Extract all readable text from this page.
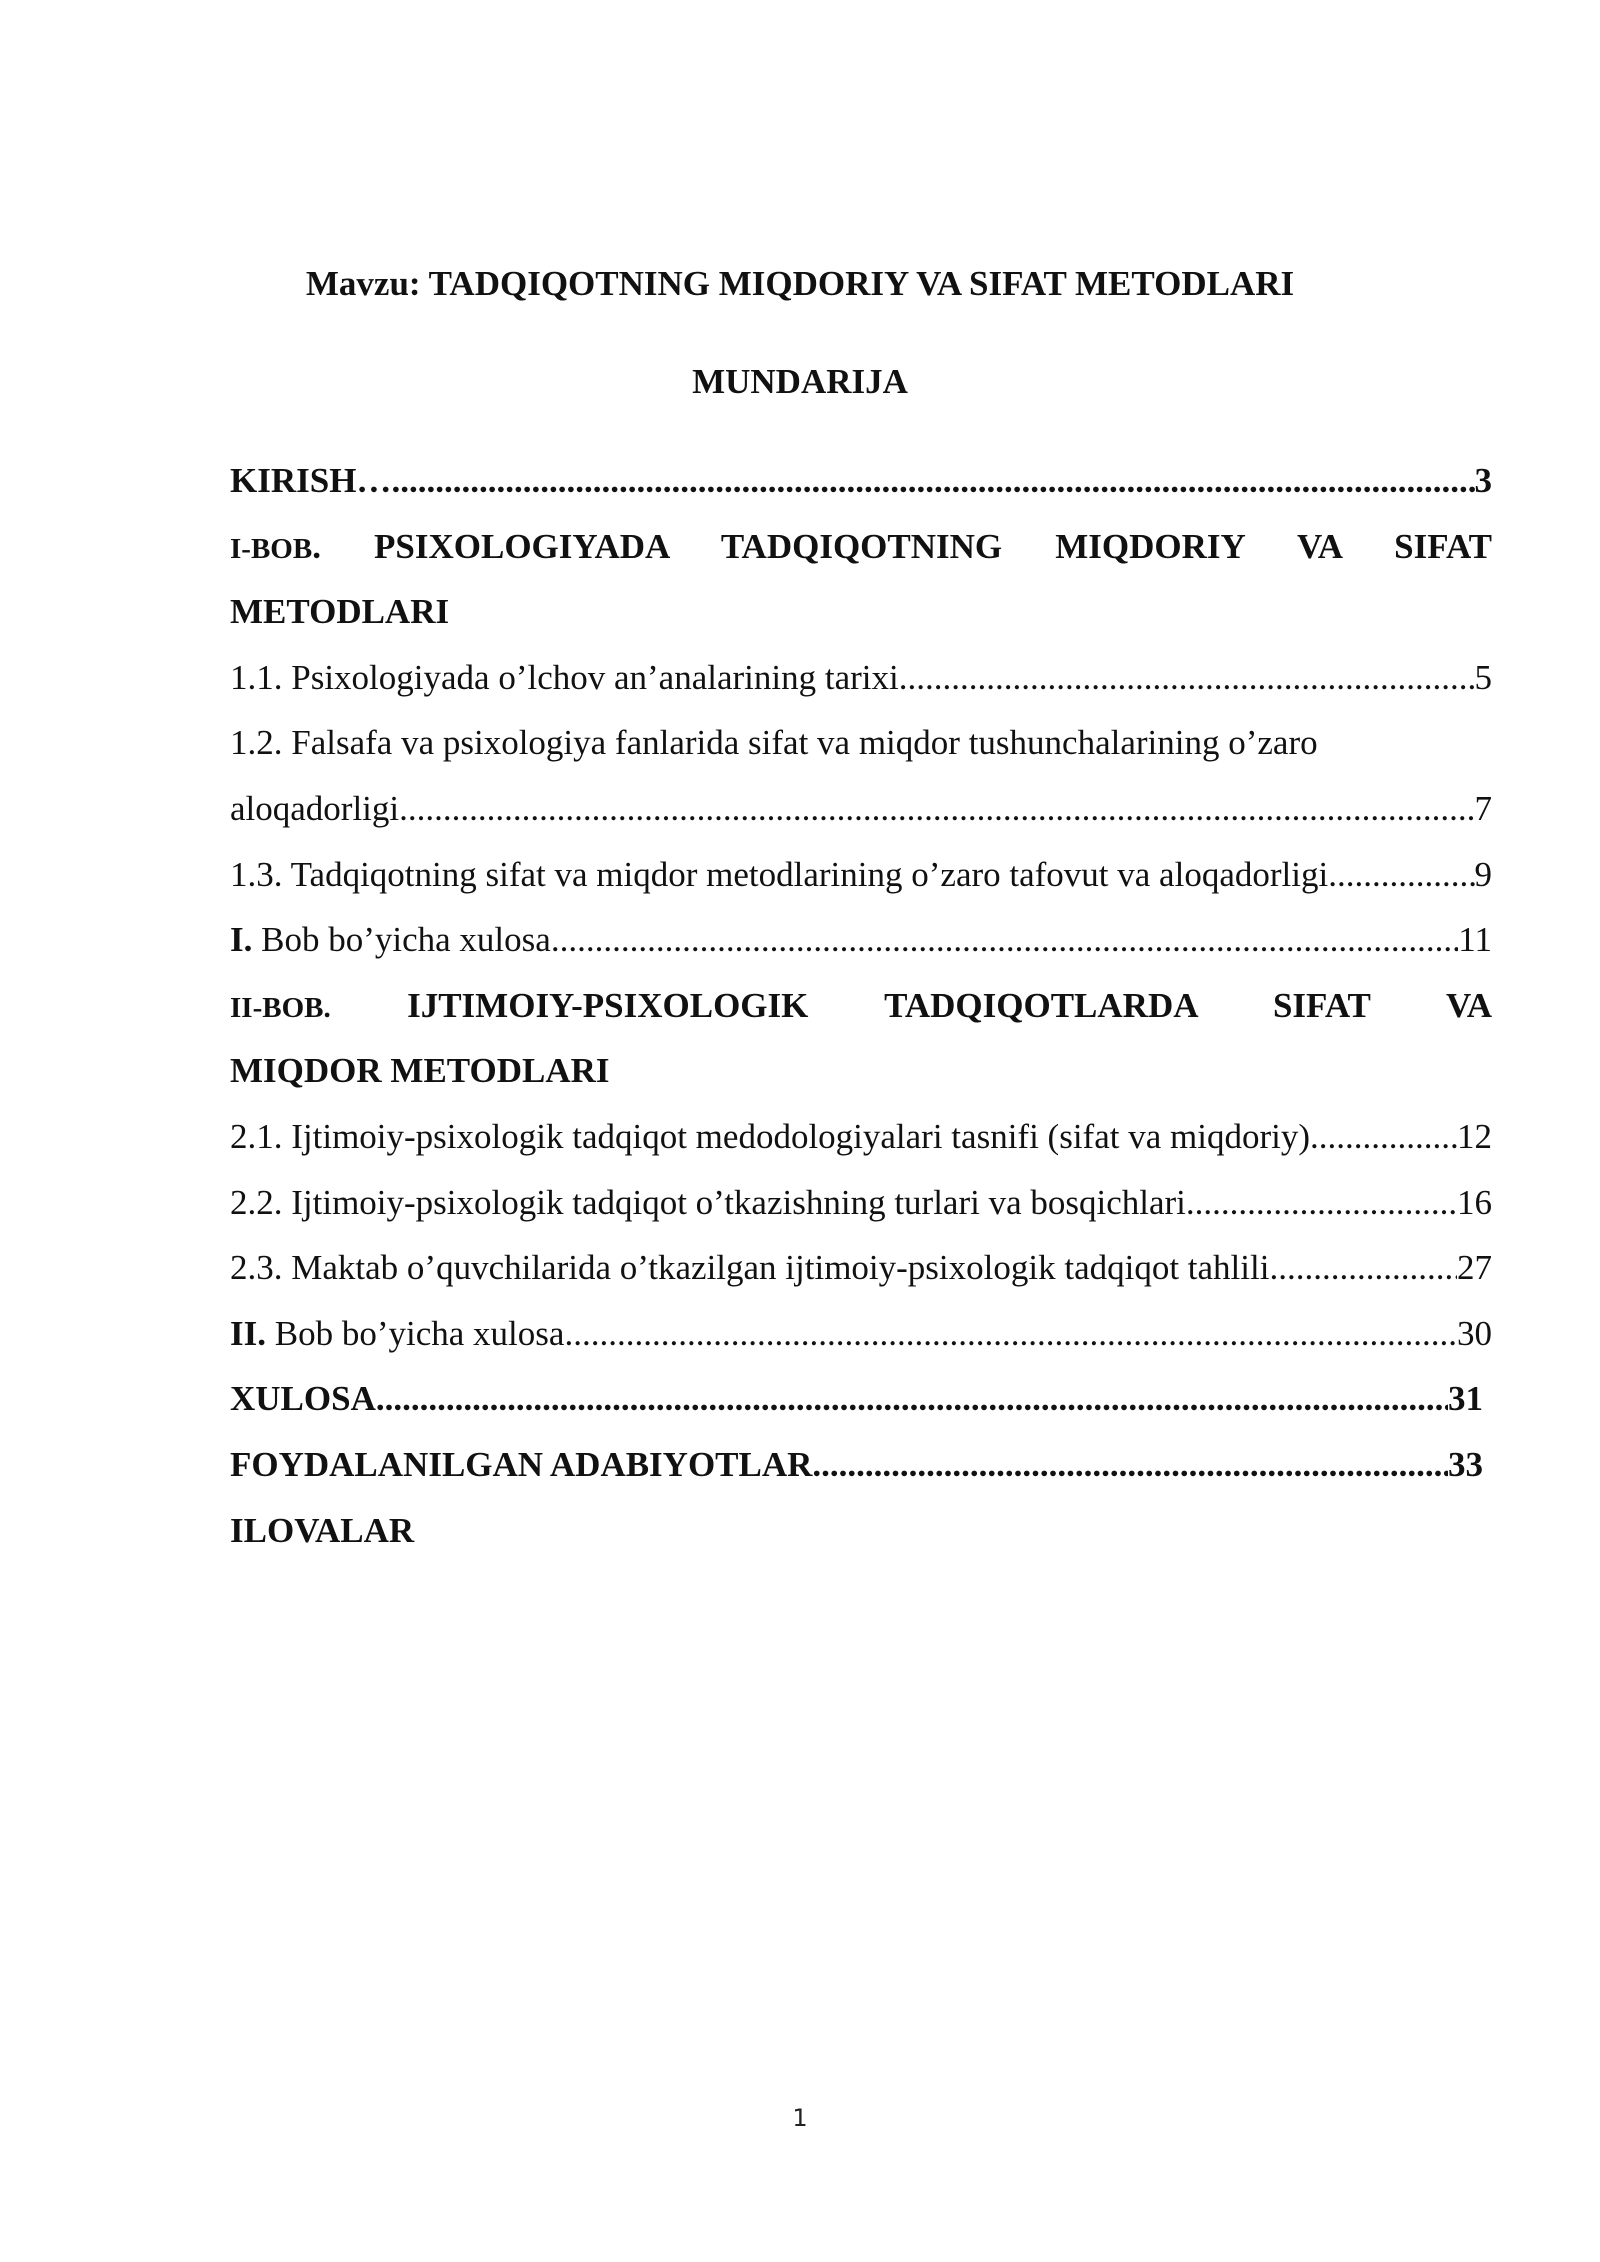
Mavzu: TADQIQOTNING MIQDORIY VA SIFAT METODLARI

MUNDARIJA

KIRISH… .....	3
I-BOB. PSIXOLOGIYADA TADQIQOTNING MIQDORIY VA SIFAT
METODLARI
1.1. Psixologiyada o’lchov an’analarining tarixi .....	5
1.2. Falsafa va psixologiya fanlarida sifat va miqdor tushunchalarining o’zaro
aloqadorligi .....	7
1.3. Tadqiqotning sifat va miqdor metodlarining o’zaro tafovut va aloqadorligi .....	9
I. Bob bo’yicha xulosa .....	11
II-BOB. IJTIMOIY-PSIXOLOGIK TADQIQOTLARDA SIFAT VA
MIQDOR METODLARI
2.1. Ijtimoiy-psixologik tadqiqot medodologiyalari tasnifi (sifat va miqdoriy) .....	12
2.2. Ijtimoiy-psixologik tadqiqot o’tkazishning turlari va bosqichlari .....	16
2.3. Maktab o’quvchilarida o’tkazilgan ijtimoiy-psixologik tadqiqot tahlili .....	27
II. Bob bo’yicha xulosa .....	30
XULOSA .....	31
FOYDALANILGAN ADABIYOTLAR .....	33
ILOVALAR
1
